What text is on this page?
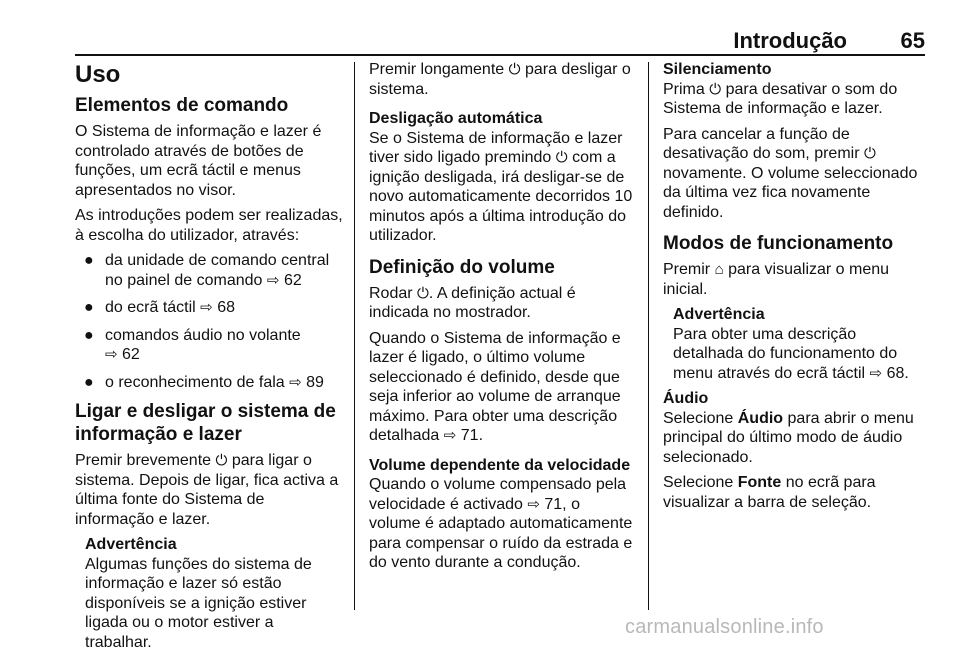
Introdução 65
Uso
Elementos de comando

O Sistema de informação e lazer é controlado através de botões de funções, um ecrã táctil e menus apresentados no visor.

As introduções podem ser realizadas, à escolha do utilizador, através:

● da unidade de comando central no painel de comando ⇨ 62
● do ecrã táctil ⇨ 68
● comandos áudio no volante
⇨ 62
● o reconhecimento de fala ⇨ 89
Ligar e desligar o sistema de informação e lazer

Premir brevemente ⏻ para ligar o sistema. Depois de ligar, fica activa a última fonte do Sistema de informação e lazer.

Advertência
Algumas funções do sistema de informação e lazer só estão disponíveis se a ignição estiver ligada ou o motor estiver a trabalhar.

Premir longamente ⏻ para desligar o sistema.

Desligação automática

Se o Sistema de informação e lazer tiver sido ligado premindo ⏻ com a ignição desligada, irá desligar-se de novo automaticamente decorridos 10 minutos após a última introdução do utilizador.

Definição do volume

Rodar ⏻. A definição actual é indicada no mostrador.

Quando o Sistema de informação e lazer é ligado, o último volume seleccionado é definido, desde que seja inferior ao volume de arranque máximo. Para obter uma descrição detalhada ⇨ 71.

Volume dependente da velocidade

Quando o volume compensado pela velocidade é activado ⇨ 71, o volume é adaptado automaticamente para compensar o ruído da estrada e do vento durante a condução.

Silenciamento

Prima ⏻ para desativar o som do Sistema de informação e lazer.

Para cancelar a função de desativação do som, premir ⏻ novamente. O volume seleccionado da última vez fica novamente definido.

Modos de funcionamento

Premir ⌂ para visualizar o menu inicial.

Advertência

Para obter uma descrição detalhada do funcionamento do menu através do ecrã táctil ⇨ 68.

Áudio

Selecione Áudio para abrir o menu principal do último modo de áudio selecionado.

Selecione Fonte no ecrã para visualizar a barra de seleção.

carmanualsonline.info
